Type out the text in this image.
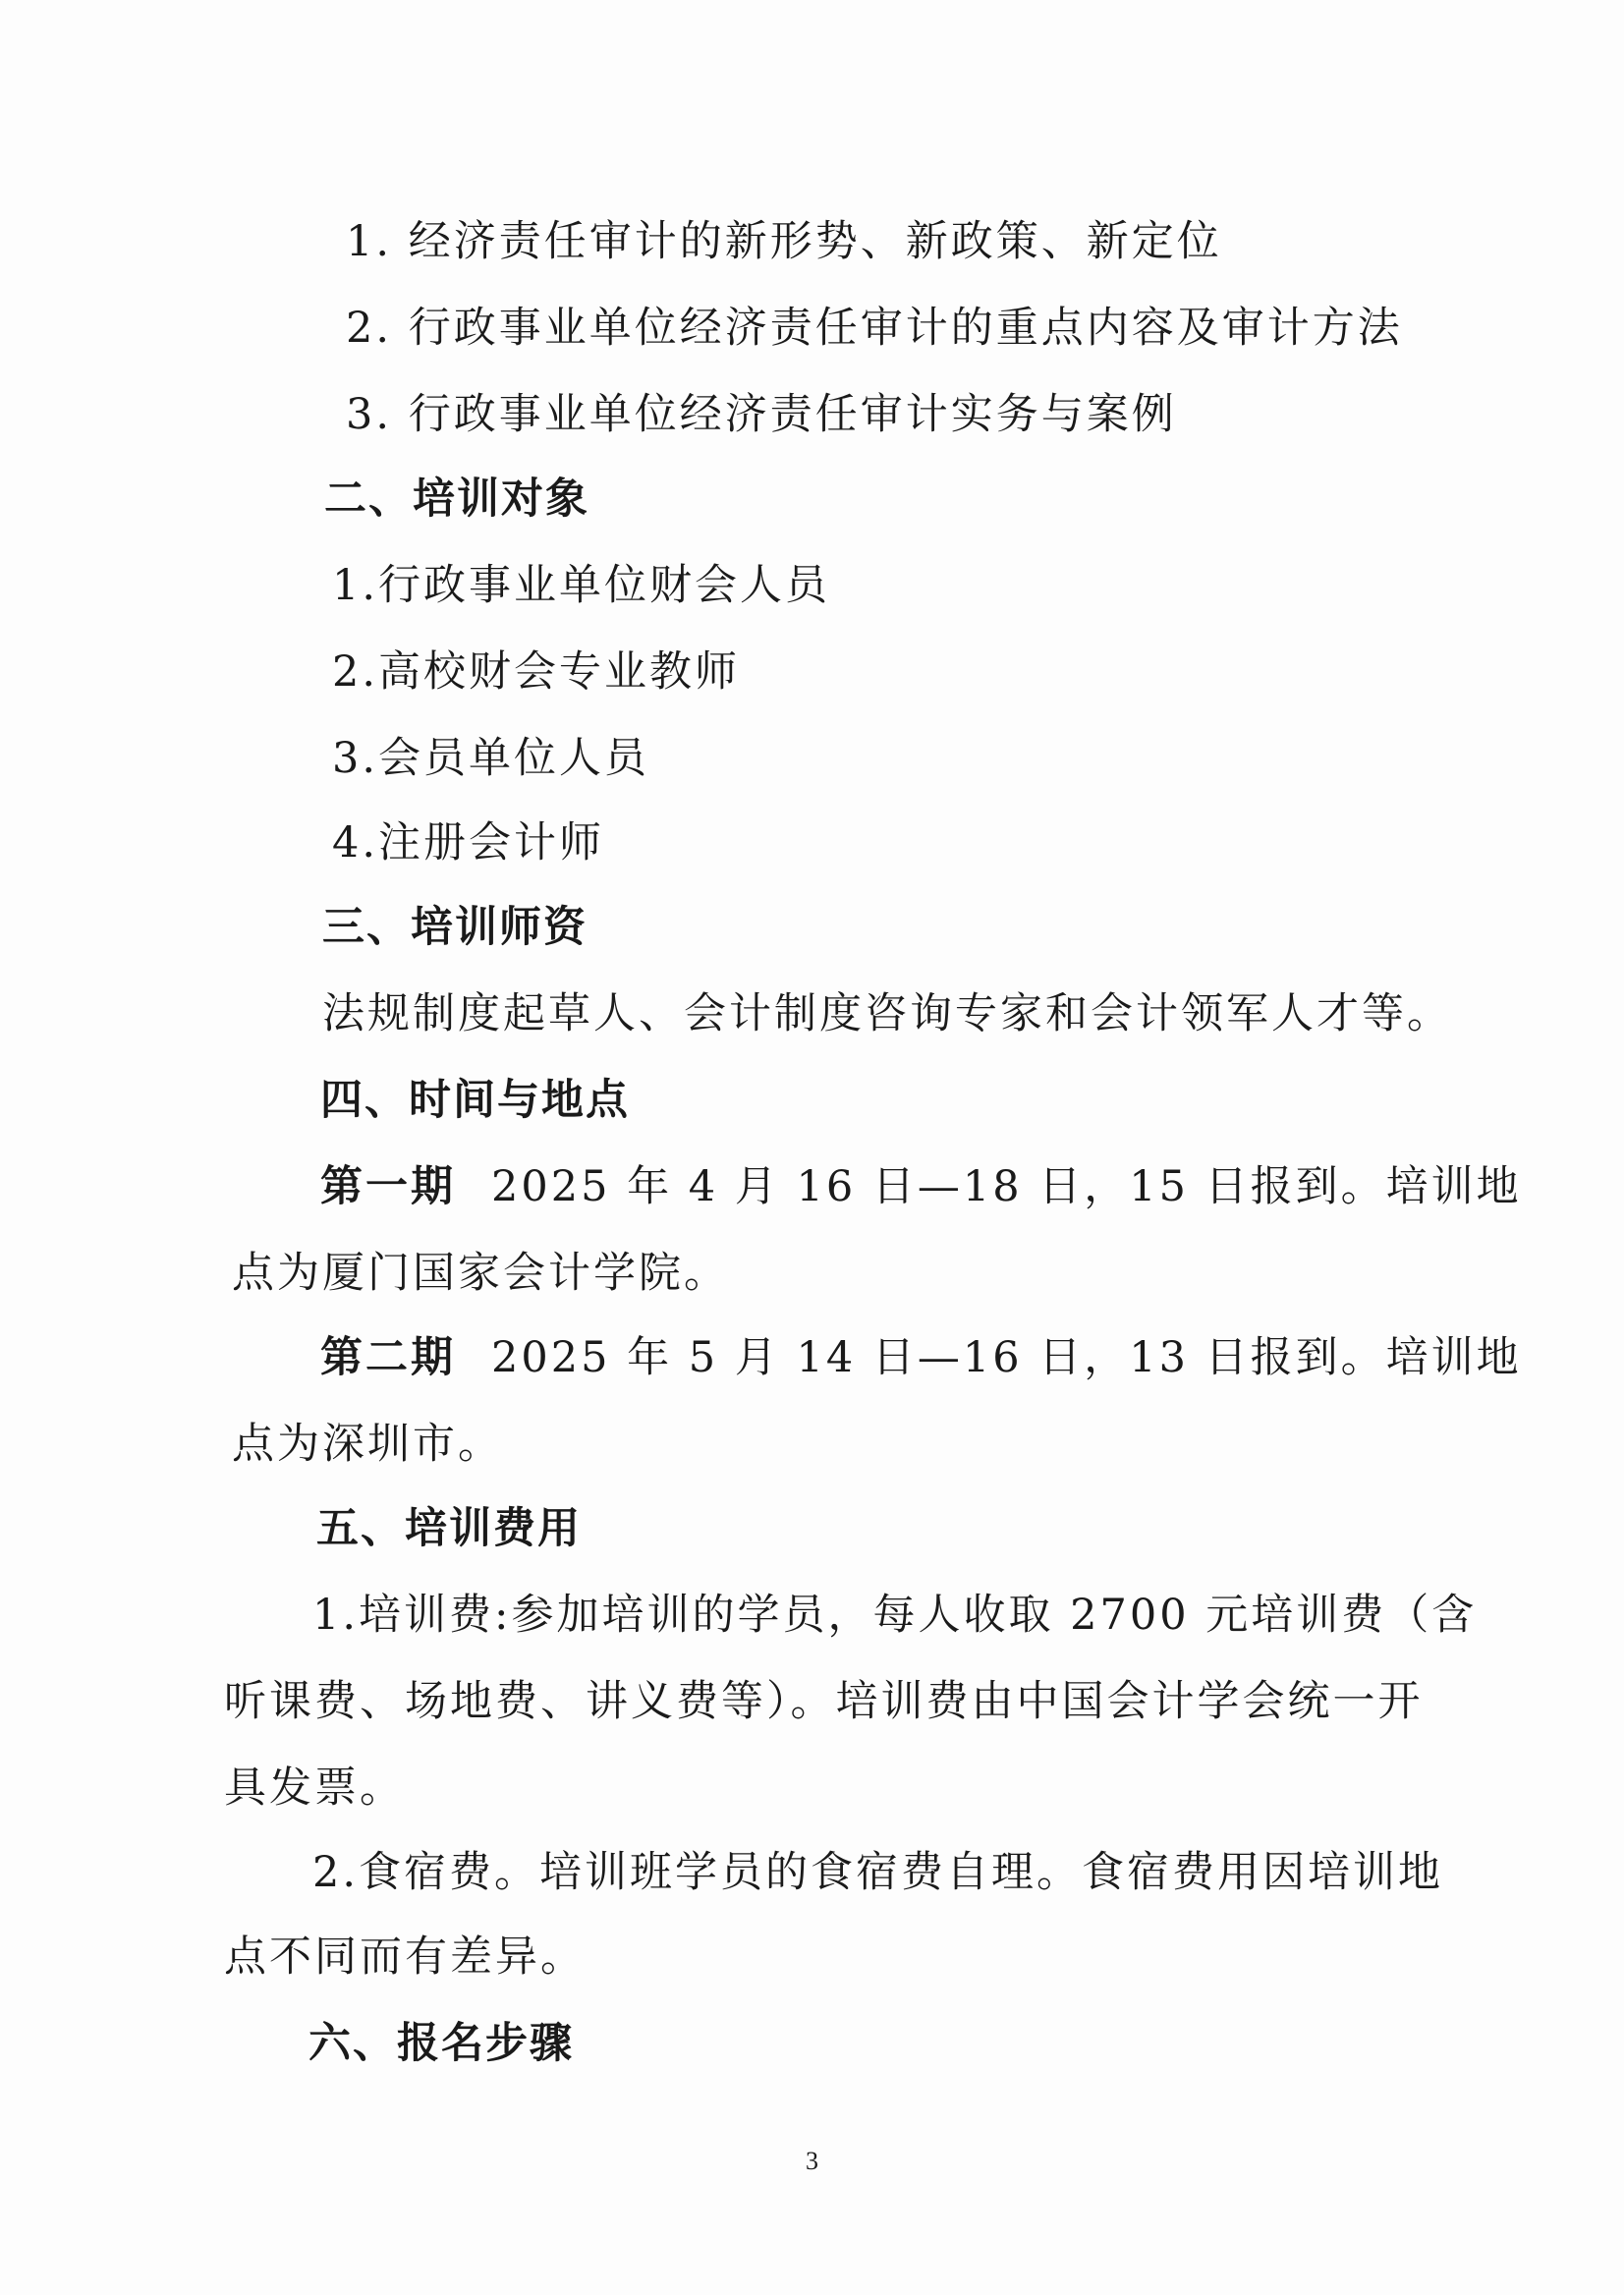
1. 经济责任审计的新形势、新政策、新定位
2. 行政事业单位经济责任审计的重点内容及审计方法
3. 行政事业单位经济责任审计实务与案例
二、培训对象
1.行政事业单位财会人员
2.高校财会专业教师
3.会员单位人员
4.注册会计师
三、培训师资
法规制度起草人、会计制度咨询专家和会计领军人才等。
四、时间与地点
第一期 2025 年 4 月 16 日—18 日，15 日报到。培训地
点为厦门国家会计学院。
第二期 2025 年 5 月 14 日—16 日，13 日报到。培训地
点为深圳市。
五、培训费用
1.培训费:参加培训的学员，每人收取 2700 元培训费（含
听课费、场地费、讲义费等）。培训费由中国会计学会统一开
具发票。
2.食宿费。培训班学员的食宿费自理。食宿费用因培训地
点不同而有差异。
六、报名步骤
3
